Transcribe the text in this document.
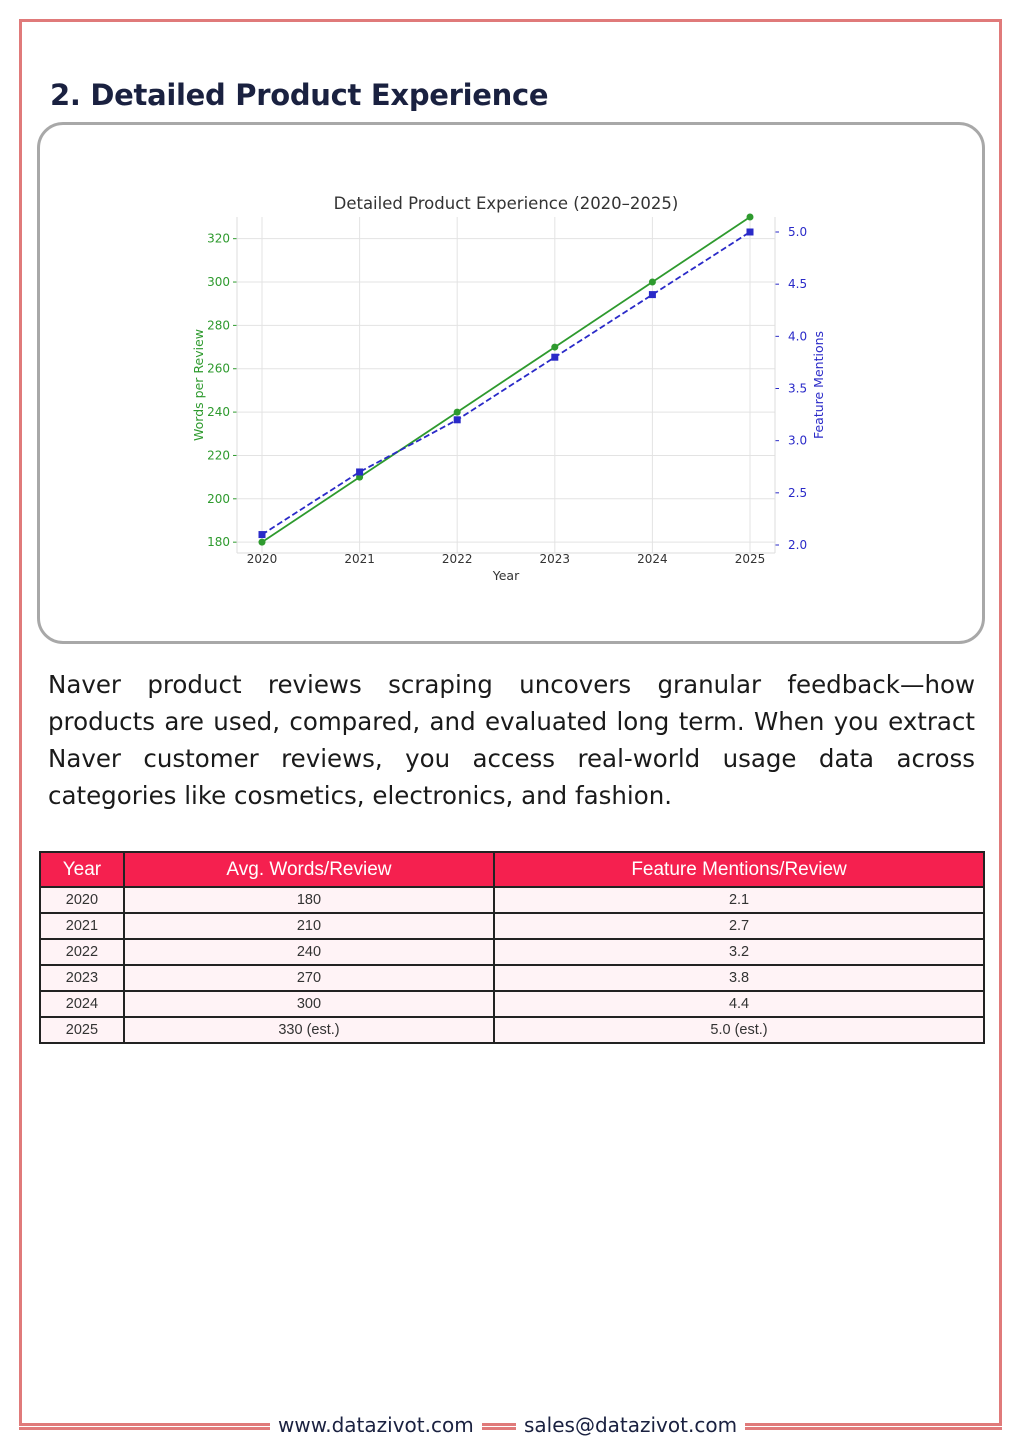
2. Detailed Product Experience
2020	2021	2022	2023	2024	2025
180
200
220
240
260
280
300
320
2.0
2.5
3.0
3.5
4.0
4.5
5.0
Detailed Product Experience (2020–2025)
Year
Words per Review	Feature Mentions

Naver product reviews scraping uncovers granular feedback—how products are used, compared, and evaluated long term. When you extract Naver customer reviews, you access real-world usage data across categories like cosmetics, electronics, and fashion.

Year	Avg. Words/Review	Feature Mentions/Review
2020	180	2.1
2021	210	2.7
2022	240	3.2
2023	270	3.8
2024	300	4.4
2025	330 (est.)	5.0 (est.)
www.datazivot.com	sales@datazivot.com
